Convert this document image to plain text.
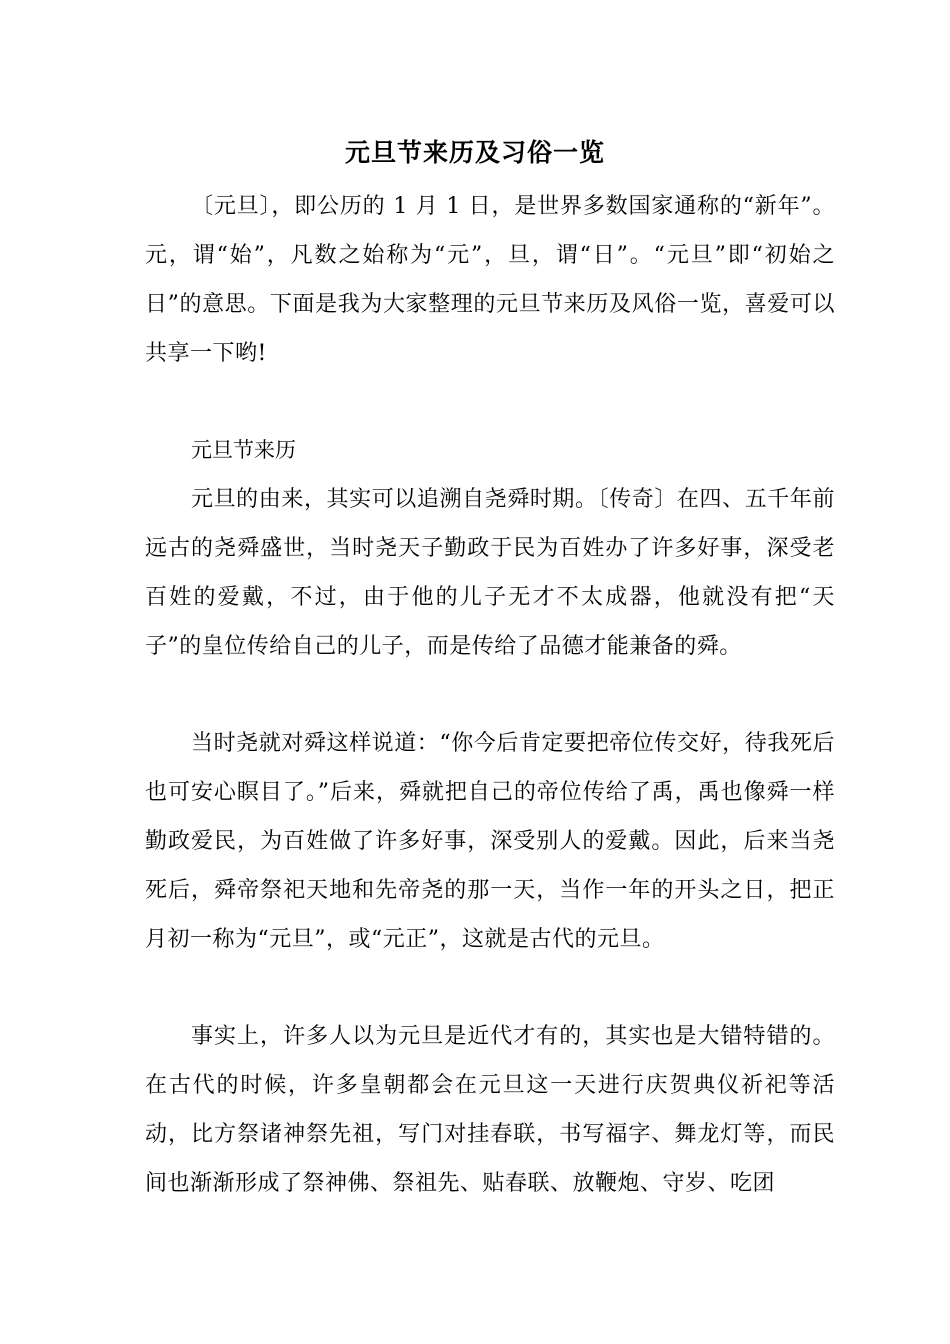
元旦节来历及习俗一览

〔元旦〕，即公历的 1 月 1 日，是世界多数国家通称的“新年”。元，谓“始”，凡数之始称为“元”，旦，谓“日”。“元旦”即“初始之日”的意思。下面是我为大家整理的元旦节来历及风俗一览，喜爱可以共享一下哟!

元旦节来历

元旦的由来，其实可以追溯自尧舜时期。〔传奇〕在四、五千年前远古的尧舜盛世，当时尧天子勤政于民为百姓办了许多好事，深受老百姓的爱戴，不过，由于他的儿子无才不太成器，他就没有把“天子”的皇位传给自己的儿子，而是传给了品德才能兼备的舜。

当时尧就对舜这样说道：“你今后肯定要把帝位传交好，待我死后也可安心瞑目了。”后来，舜就把自己的帝位传给了禹，禹也像舜一样勤政爱民，为百姓做了许多好事，深受别人的爱戴。因此，后来当尧死后，舜帝祭祀天地和先帝尧的那一天，当作一年的开头之日，把正月初一称为“元旦”，或“元正”，这就是古代的元旦。

事实上，许多人以为元旦是近代才有的，其实也是大错特错的。在古代的时候，许多皇朝都会在元旦这一天进行庆贺典仪祈祀等活动，比方祭诸神祭先祖，写门对挂春联，书写福字、舞龙灯等，而民间也渐渐形成了祭神佛、祭祖先、贴春联、放鞭炮、守岁、吃团
